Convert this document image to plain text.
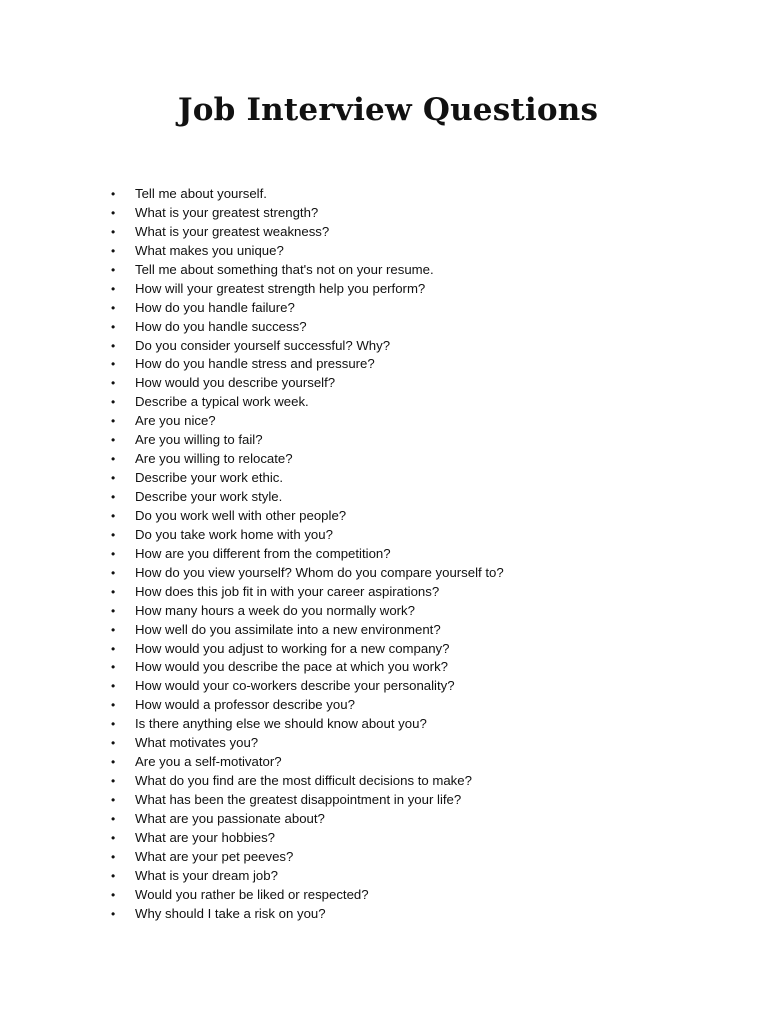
Job Interview Questions
•	Tell me about yourself.
•	What is your greatest strength?
•	What is your greatest weakness?
•	What makes you unique?
•	Tell me about something that's not on your resume.
•	How will your greatest strength help you perform?
•	How do you handle failure?
•	How do you handle success?
•	Do you consider yourself successful? Why?
•	How do you handle stress and pressure?
•	How would you describe yourself?
•	Describe a typical work week.
•	Are you nice?
•	Are you willing to fail?
•	Are you willing to relocate?
•	Describe your work ethic.
•	Describe your work style.
•	Do you work well with other people?
•	Do you take work home with you?
•	How are you different from the competition?
•	How do you view yourself? Whom do you compare yourself to?
•	How does this job fit in with your career aspirations?
•	How many hours a week do you normally work?
•	How well do you assimilate into a new environment?
•	How would you adjust to working for a new company?
•	How would you describe the pace at which you work?
•	How would your co-workers describe your personality?
•	How would a professor describe you?
•	Is there anything else we should know about you?
•	What motivates you?
•	Are you a self-motivator?
•	What do you find are the most difficult decisions to make?
•	What has been the greatest disappointment in your life?
•	What are you passionate about?
•	What are your hobbies?
•	What are your pet peeves?
•	What is your dream job?
•	Would you rather be liked or respected?
•	Why should I take a risk on you?
